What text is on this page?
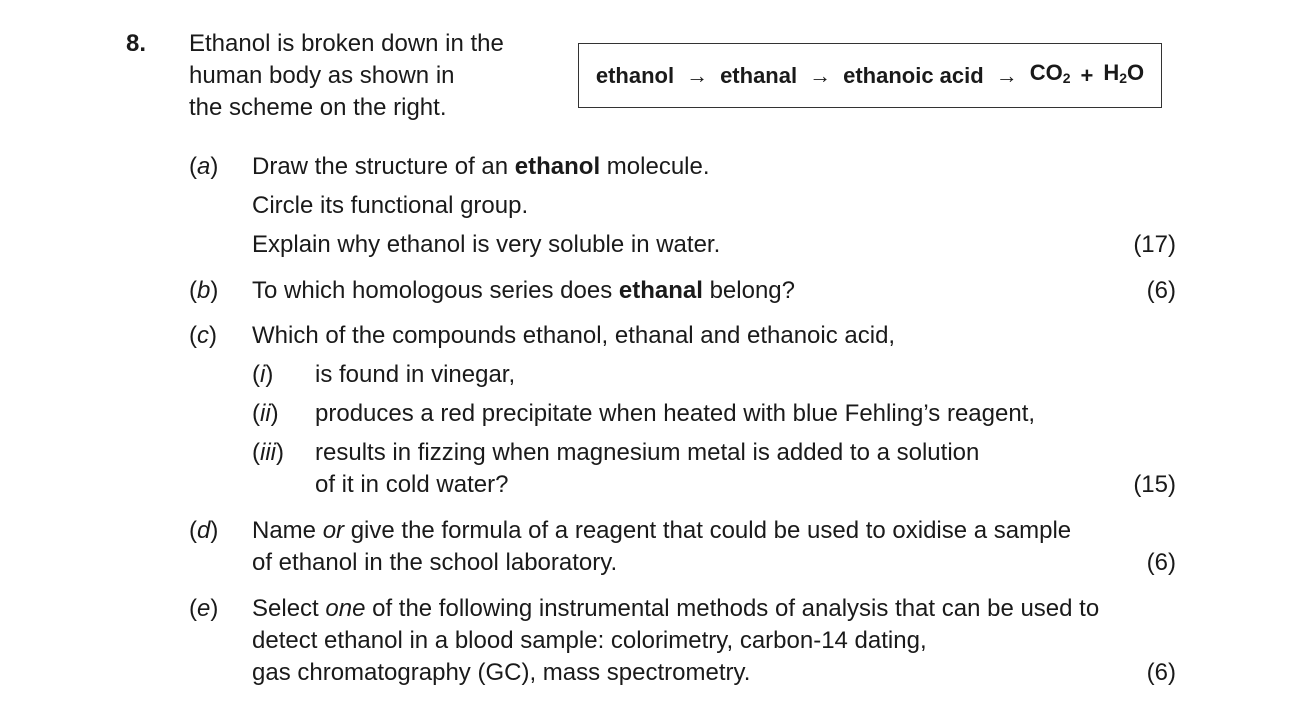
8. Ethanol is broken down in the
human body as shown in
the scheme on the right.
ethanol → ethanal → ethanoic acid → $CO_2 + H_2O$
(a) Draw the structure of an ethanol molecule.
Circle its functional group.
Explain why ethanol is very soluble in water.	(17)
(b) To which homologous series does ethanal belong?	(6)
(c) Which of the compounds ethanol, ethanal and ethanoic acid,
(i) is found in vinegar,
(ii) produces a red precipitate when heated with blue Fehling’s reagent,
(iii) results in fizzing when magnesium metal is added to a solution
of it in cold water?	(15)
(d) Name or give the formula of a reagent that could be used to oxidise a sample
of ethanol in the school laboratory.	(6)
(e) Select one of the following instrumental methods of analysis that can be used to
detect ethanol in a blood sample: colorimetry, carbon-14 dating,
gas chromatography (GC), mass spectrometry.	(6)
